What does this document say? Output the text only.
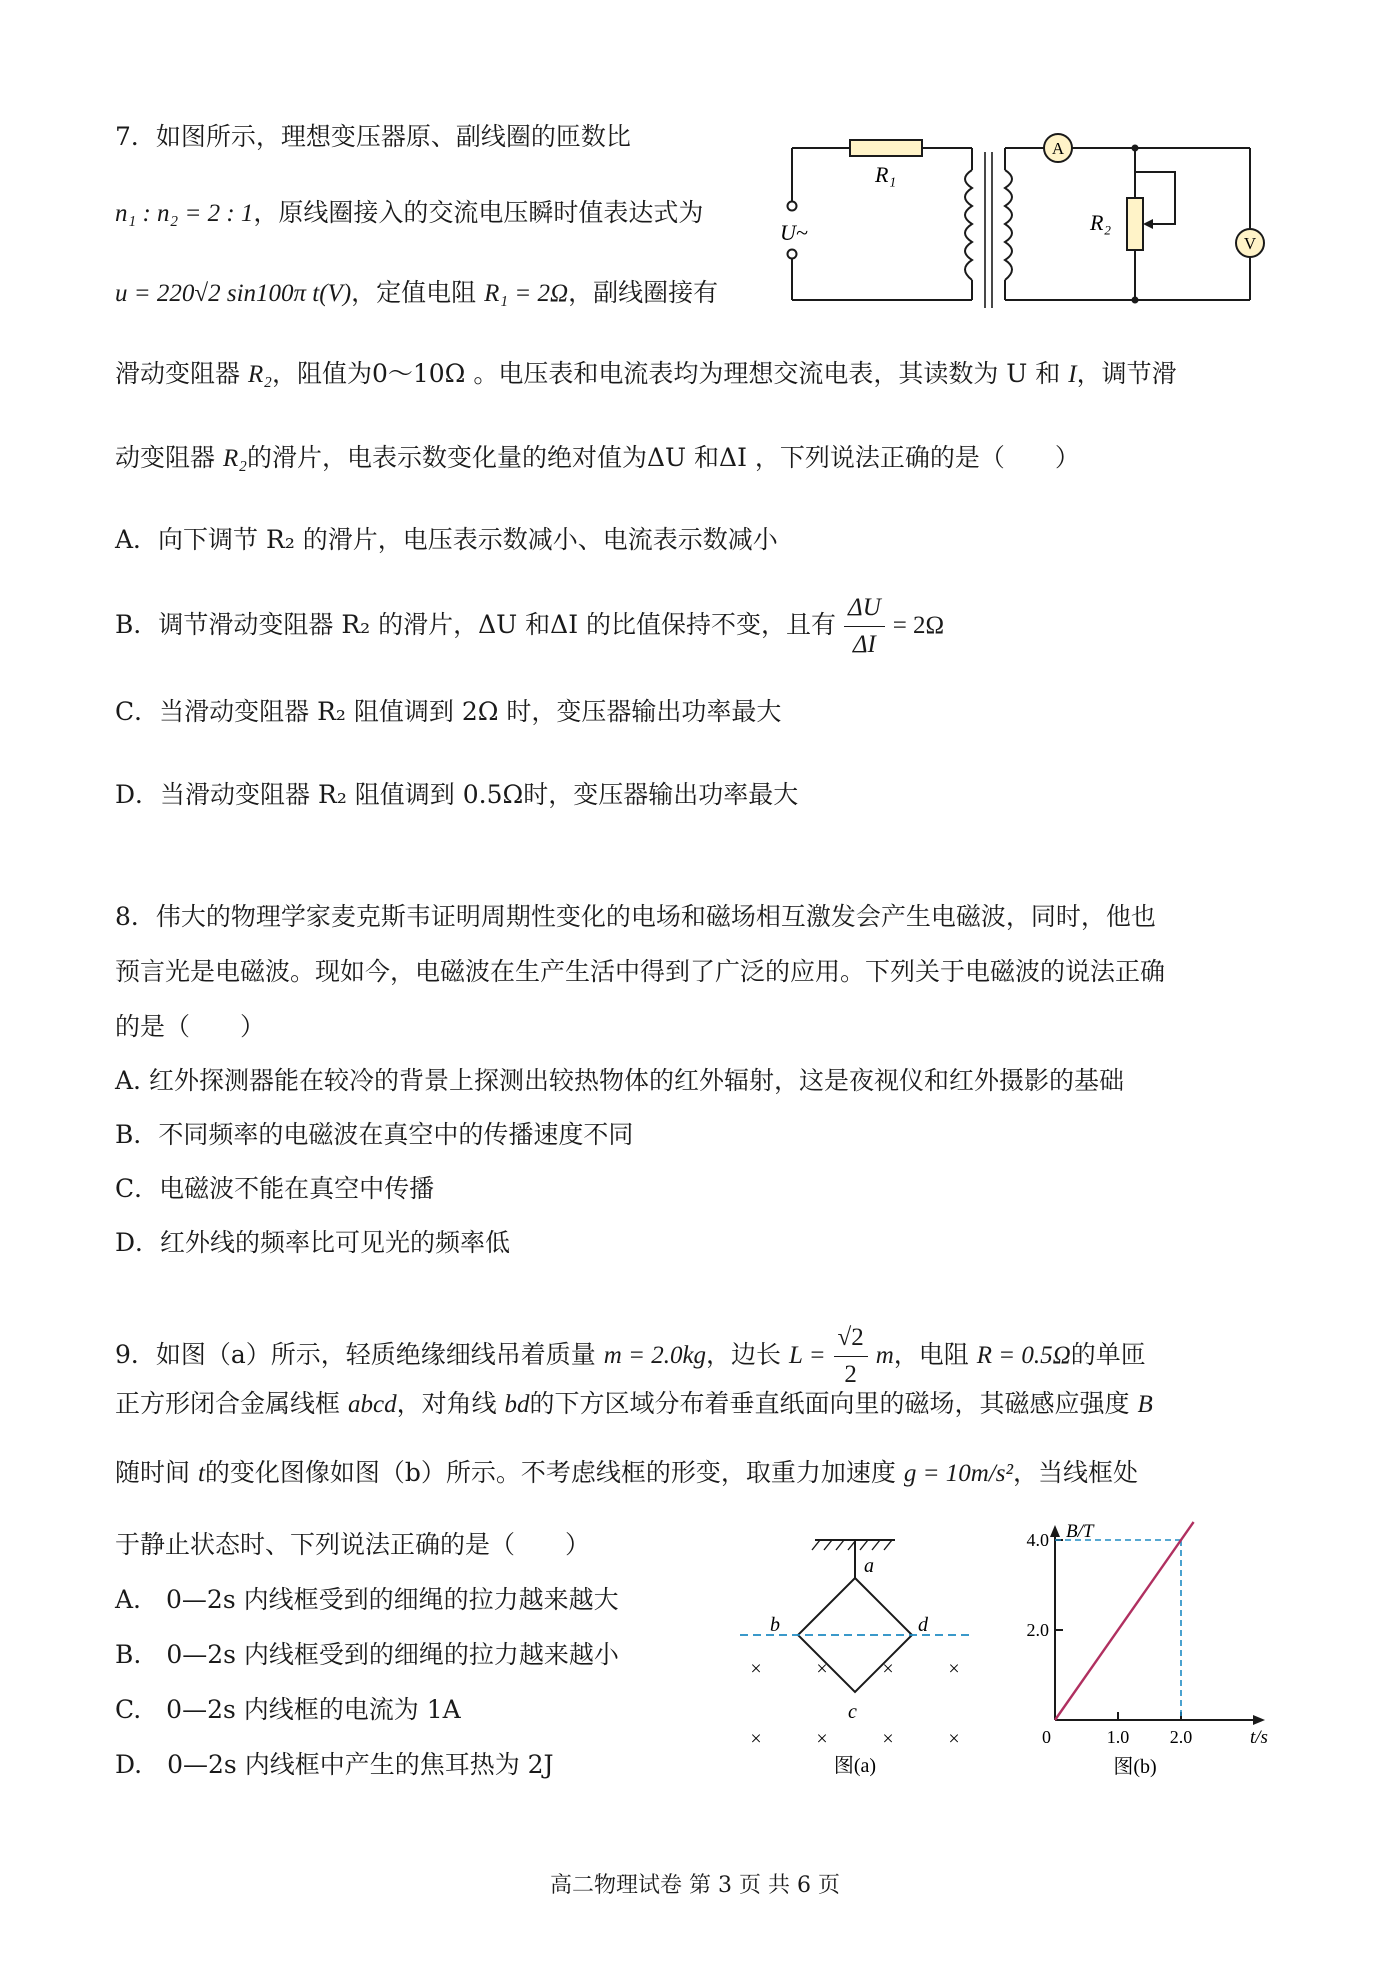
7．如图所示，理想变压器原、副线圈的匝数比
n₁ : n₂ = 2 : 1，原线圈接入的交流电压瞬时值表达式为
u = 220√2 sin100π t(V)，定值电阻 R₁ = 2Ω，副线圈接有
滑动变阻器 R₂，阻值为0～10Ω 。电压表和电流表均为理想交流电表，其读数为 U 和 I，调节滑
动变阻器 R₂的滑片，电表示数变化量的绝对值为ΔU 和ΔI ，下列说法正确的是（　　）
A．向下调节 R₂ 的滑片，电压表示数减小、电流表示数减小
B．调节滑动变阻器 R₂ 的滑片，ΔU 和ΔI 的比值保持不变，且有 $\frac{\Delta U}{\Delta I} = 2\Omega$
C．当滑动变阻器 R₂ 阻值调到 2Ω 时，变压器输出功率最大
D．当滑动变阻器 R₂ 阻值调到 0.5Ω时，变压器输出功率最大
A
V
R₁
R₂
U~
8．伟大的物理学家麦克斯韦证明周期性变化的电场和磁场相互激发会产生电磁波，同时，他也
预言光是电磁波。现如今，电磁波在生产生活中得到了广泛的应用。下列关于电磁波的说法正确
的是（　　）
A. 红外探测器能在较冷的背景上探测出较热物体的红外辐射，这是夜视仪和红外摄影的基础
B．不同频率的电磁波在真空中的传播速度不同
C．电磁波不能在真空中传播
D．红外线的频率比可见光的频率低
9．如图（a）所示，轻质绝缘细线吊着质量 m = 2.0kg，边长 $L = \frac{√2}{2}$ m，电阻 R = 0.5Ω的单匝
正方形闭合金属线框 abcd，对角线 bd的下方区域分布着垂直纸面向里的磁场，其磁感应强度 B
随时间 t的变化图像如图（b）所示。不考虑线框的形变，取重力加速度 g = 10m/s²，当线框处
于静止状态时、下列说法正确的是（　　）
A.　0—2s 内线框受到的细绳的拉力越来越大
B.　0—2s 内线框受到的细绳的拉力越来越小
C.　0—2s 内线框的电流为 1A
D.　0—2s 内线框中产生的焦耳热为 2J
a
b
c
d
×	×	×	×
×	×	×	×
图(a)
B/T
t/s
0
图(b)
2.0
4.0
1.0 2.0
高二物理试卷 第 3 页 共 6 页
